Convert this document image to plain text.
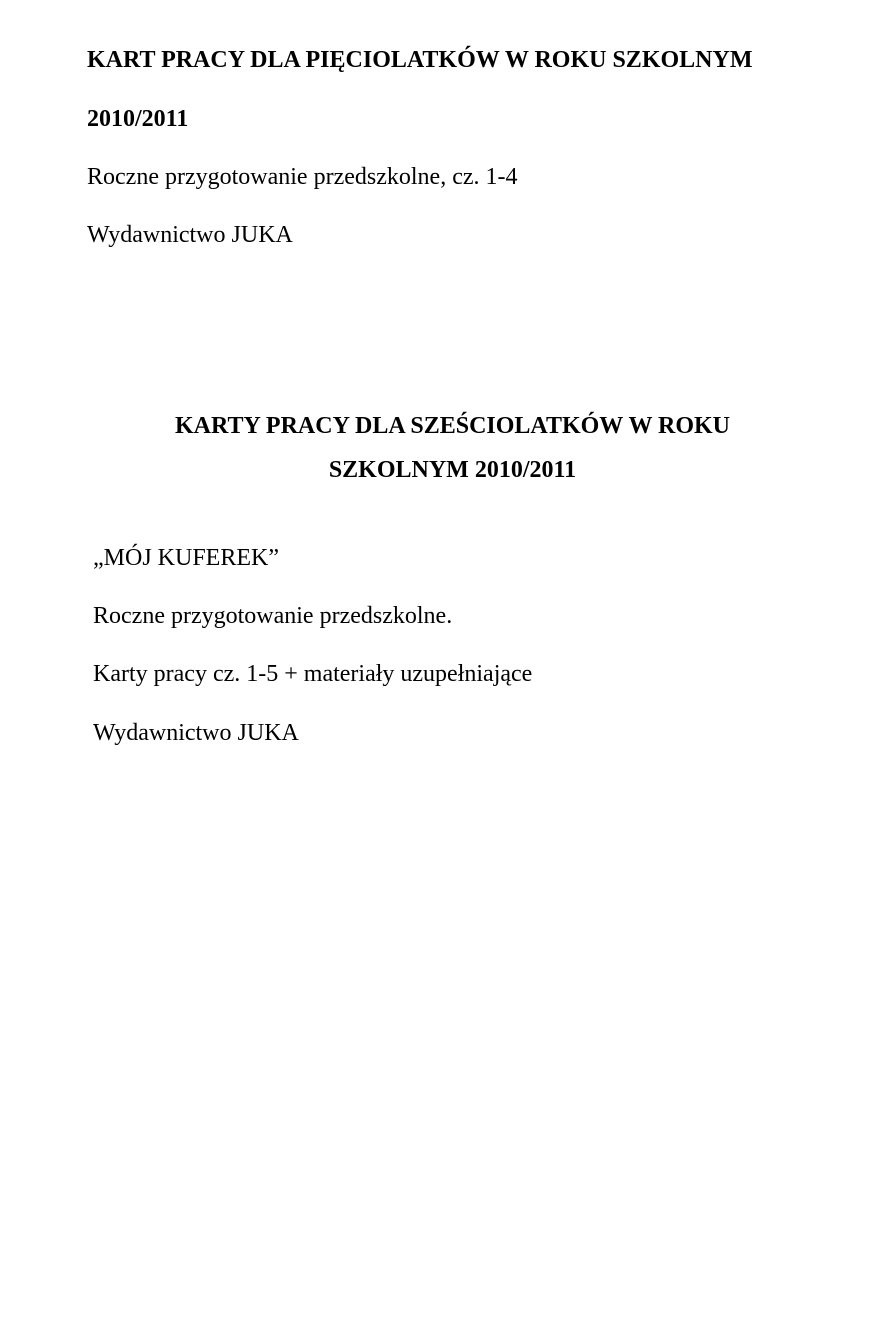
KART PRACY DLA PIĘCIOLATKÓW W ROKU SZKOLNYM
2010/2011
Roczne przygotowanie przedszkolne, cz. 1-4
Wydawnictwo JUKA
KARTY PRACY DLA SZEŚCIOLATKÓW W ROKU
SZKOLNYM 2010/2011
„MÓJ KUFEREK”
Roczne przygotowanie przedszkolne.
Karty pracy cz. 1-5 + materiały uzupełniające
Wydawnictwo JUKA
